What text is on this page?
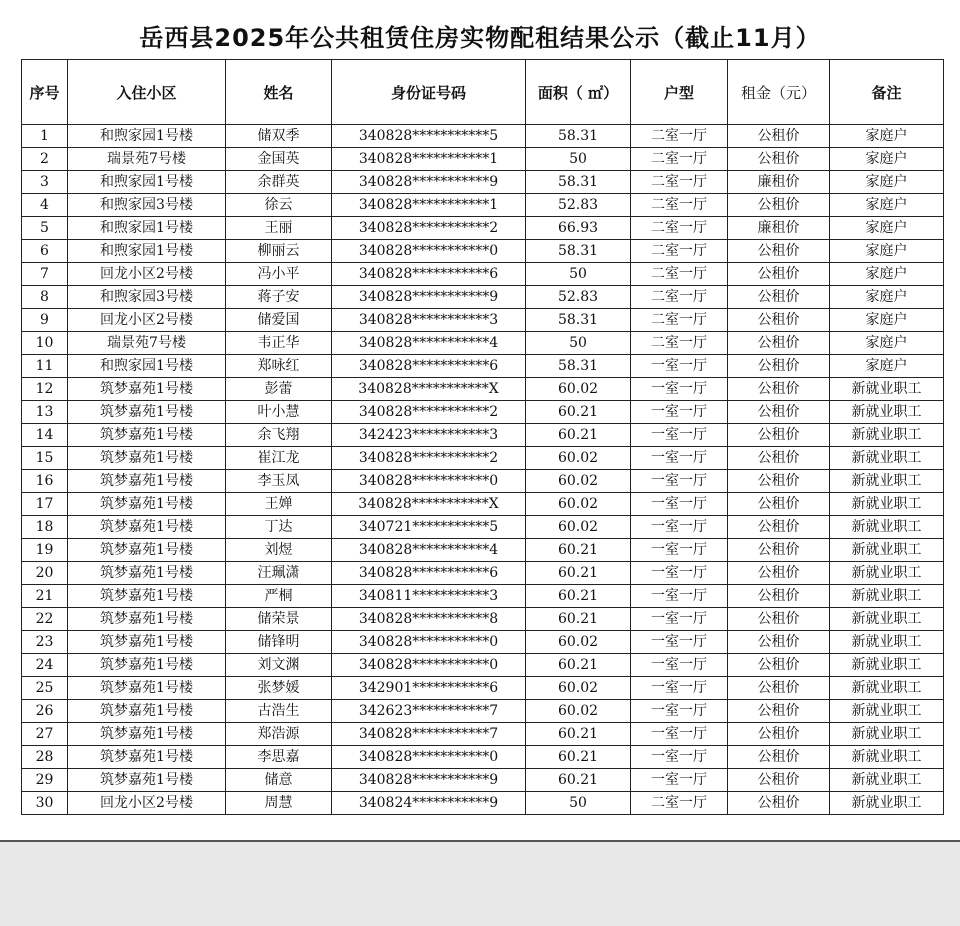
岳西县2025年公共租赁住房实物配租结果公示（截止11月）
序号	入住小区	姓名	身份证号码	面积（ ㎡）	户型	租金（元）	备注
1	和煦家园1号楼	储双季	340828***********5	58.31	二室一厅	公租价	家庭户
2	瑞景苑7号楼	金国英	340828***********1	50	二室一厅	公租价	家庭户
3	和煦家园1号楼	余群英	340828***********9	58.31	二室一厅	廉租价	家庭户
4	和煦家园3号楼	徐云	340828***********1	52.83	二室一厅	公租价	家庭户
5	和煦家园1号楼	王丽	340828***********2	66.93	二室一厅	廉租价	家庭户
6	和煦家园1号楼	柳丽云	340828***********0	58.31	二室一厅	公租价	家庭户
7	回龙小区2号楼	冯小平	340828***********6	50	二室一厅	公租价	家庭户
8	和煦家园3号楼	蒋子安	340828***********9	52.83	二室一厅	公租价	家庭户
9	回龙小区2号楼	储爱国	340828***********3	58.31	二室一厅	公租价	家庭户
10	瑞景苑7号楼	韦正华	340828***********4	50	二室一厅	公租价	家庭户
11	和煦家园1号楼	郑咏红	340828***********6	58.31	一室一厅	公租价	家庭户
12	筑梦嘉苑1号楼	彭蕾	340828***********X	60.02	一室一厅	公租价	新就业职工
13	筑梦嘉苑1号楼	叶小慧	340828***********2	60.21	一室一厅	公租价	新就业职工
14	筑梦嘉苑1号楼	余飞翔	342423***********3	60.21	一室一厅	公租价	新就业职工
15	筑梦嘉苑1号楼	崔江龙	340828***********2	60.02	一室一厅	公租价	新就业职工
16	筑梦嘉苑1号楼	李玉凤	340828***********0	60.02	一室一厅	公租价	新就业职工
17	筑梦嘉苑1号楼	王婵	340828***********X	60.02	一室一厅	公租价	新就业职工
18	筑梦嘉苑1号楼	丁达	340721***********5	60.02	一室一厅	公租价	新就业职工
19	筑梦嘉苑1号楼	刘煜	340828***********4	60.21	一室一厅	公租价	新就业职工
20	筑梦嘉苑1号楼	汪珮潇	340828***********6	60.21	一室一厅	公租价	新就业职工
21	筑梦嘉苑1号楼	严桐	340811***********3	60.21	一室一厅	公租价	新就业职工
22	筑梦嘉苑1号楼	储荣景	340828***********8	60.21	一室一厅	公租价	新就业职工
23	筑梦嘉苑1号楼	储锋明	340828***********0	60.02	一室一厅	公租价	新就业职工
24	筑梦嘉苑1号楼	刘文渊	340828***********0	60.21	一室一厅	公租价	新就业职工
25	筑梦嘉苑1号楼	张梦媛	342901***********6	60.02	一室一厅	公租价	新就业职工
26	筑梦嘉苑1号楼	古浩生	342623***********7	60.02	一室一厅	公租价	新就业职工
27	筑梦嘉苑1号楼	郑浩源	340828***********7	60.21	一室一厅	公租价	新就业职工
28	筑梦嘉苑1号楼	李思嘉	340828***********0	60.21	一室一厅	公租价	新就业职工
29	筑梦嘉苑1号楼	储意	340828***********9	60.21	一室一厅	公租价	新就业职工
30	回龙小区2号楼	周慧	340824***********9	50	二室一厅	公租价	新就业职工
